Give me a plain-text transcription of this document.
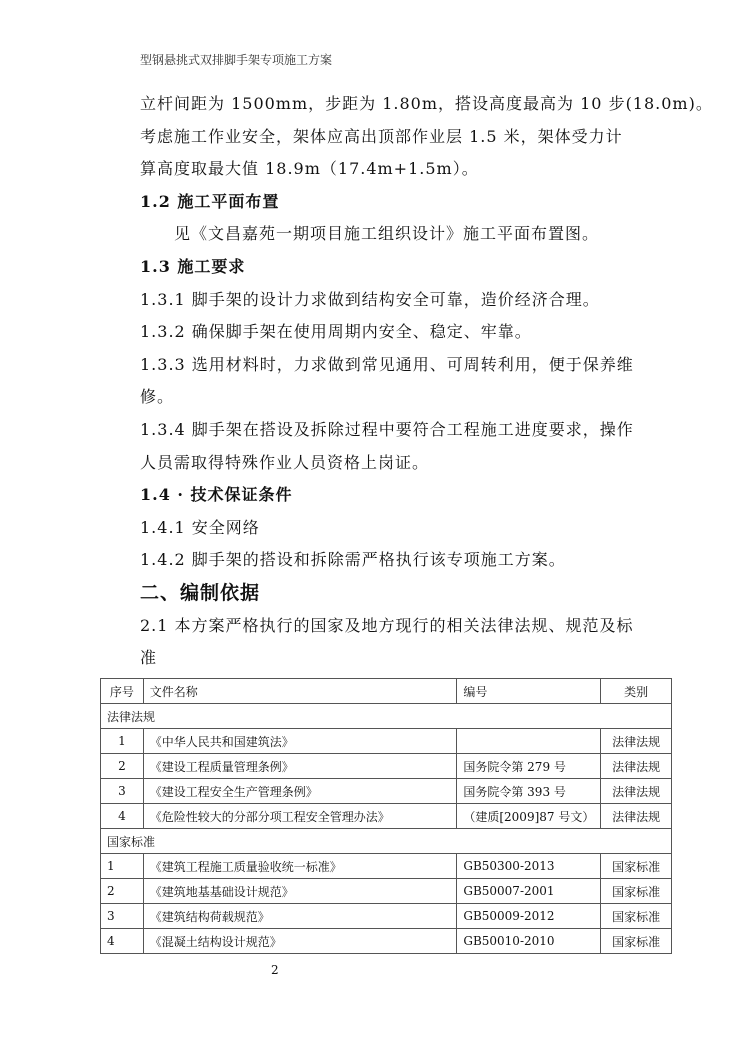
型钢悬挑式双排脚手架专项施工方案
立杆间距为 1500mm，步距为 1.80m，搭设高度最高为 10 步(18.0m)。
考虑施工作业安全，架体应高出顶部作业层 1.5 米，架体受力计
算高度取最大值 18.9m（17.4m+1.5m）。
1.2 施工平面布置
见《文昌嘉苑一期项目施工组织设计》施工平面布置图。
1.3 施工要求
1.3.1 脚手架的设计力求做到结构安全可靠，造价经济合理。
1.3.2 确保脚手架在使用周期内安全、稳定、牢靠。
1.3.3 选用材料时，力求做到常见通用、可周转利用，便于保养维
修。
1.3.4 脚手架在搭设及拆除过程中要符合工程施工进度要求，操作
人员需取得特殊作业人员资格上岗证。
1.4 · 技术保证条件
1.4.1 安全网络
1.4.2 脚手架的搭设和拆除需严格执行该专项施工方案。
二、编制依据
2.1 本方案严格执行的国家及地方现行的相关法律法规、规范及标
准
序号	文件名称	编号	类别
法律法规			
1	《中华人民共和国建筑法》		法律法规
2	《建设工程质量管理条例》	国务院令第 279 号	法律法规
3	《建设工程安全生产管理条例》	国务院令第 393 号	法律法规
4	《危险性较大的分部分项工程安全管理办法》	（建质[2009]87 号文）	法律法规
国家标准			
1	《建筑工程施工质量验收统一标准》	GB50300-2013	国家标准
2	《建筑地基基础设计规范》	GB50007-2001	国家标准
3	《建筑结构荷载规范》	GB50009-2012	国家标准
4	《混凝土结构设计规范》	GB50010-2010	国家标准
2
